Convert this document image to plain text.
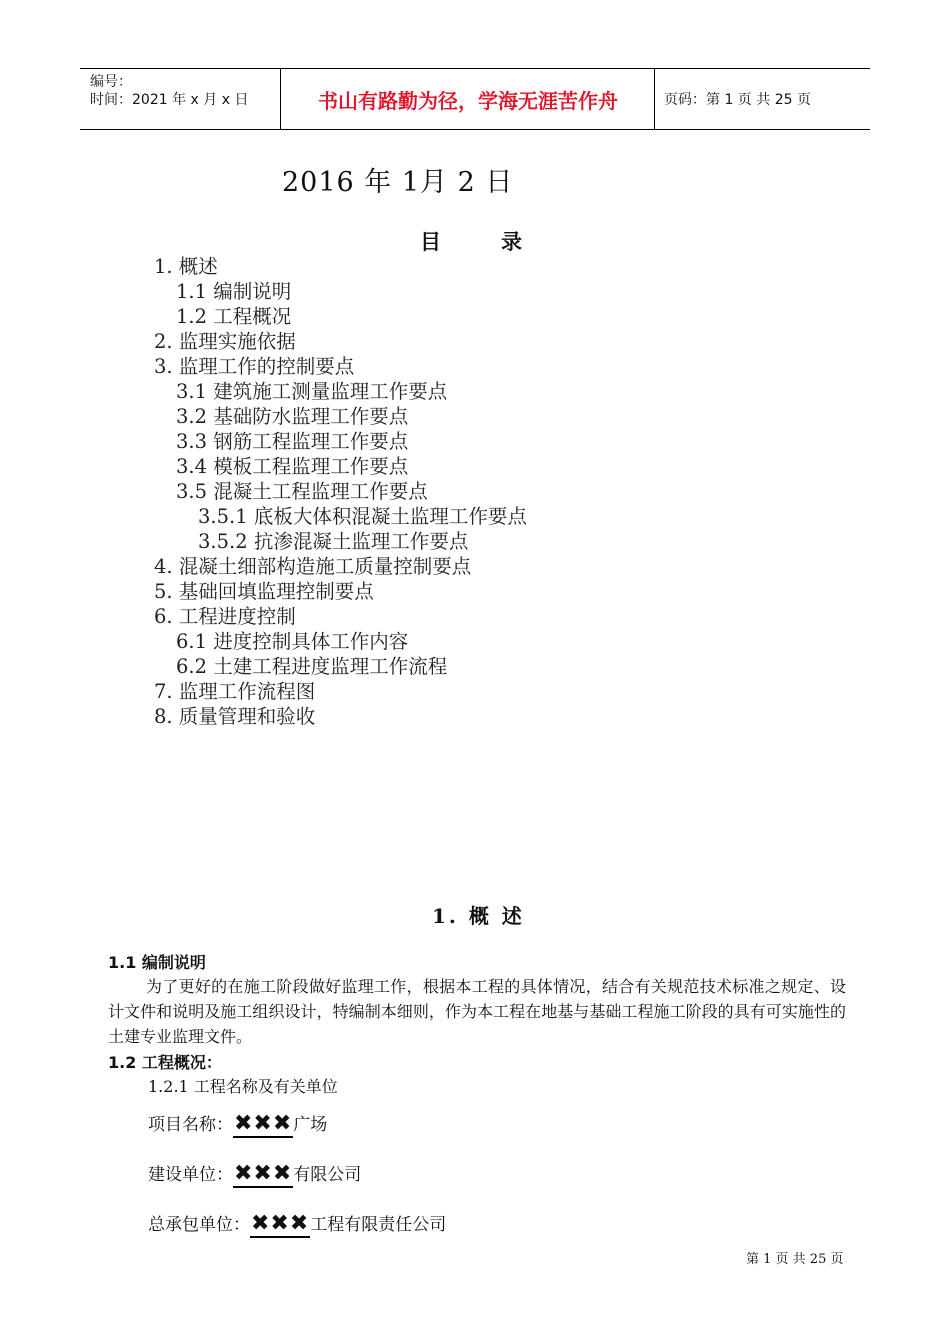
编号：
时间：2021 年 x 月 x 日	书山有路勤为径，学海无涯苦作舟	页码：第 1 页 共 25 页
2016 年 1月 2 日
目录
1. 概述
1.1 编制说明
1.2 工程概况
2. 监理实施依据
3. 监理工作的控制要点
3.1 建筑施工测量监理工作要点
3.2 基础防水监理工作要点
3.3 钢筋工程监理工作要点
3.4 模板工程监理工作要点
3.5 混凝土工程监理工作要点
3.5.1 底板大体积混凝土监理工作要点
3.5.2 抗渗混凝土监理工作要点
4. 混凝土细部构造施工质量控制要点
5. 基础回填监理控制要点
6. 工程进度控制
6.1 进度控制具体工作内容
6.2 土建工程进度监理工作流程
7. 监理工作流程图
8. 质量管理和验收
1. 概 述
1.1 编制说明
为了更好的在施工阶段做好监理工作，根据本工程的具体情况，结合有关规范技术标准之规定、设计文件和说明及施工组织设计，特编制本细则，作为本工程在地基与基础工程施工阶段的具有可实施性的土建专业监理文件。
1.2 工程概况：
1.2.1 工程名称及有关单位
项目名称： ✖✖✖ 广场
建设单位： ✖✖✖ 有限公司
总承包单位： ✖✖✖ 工程有限责任公司
第 1 页 共 25 页
